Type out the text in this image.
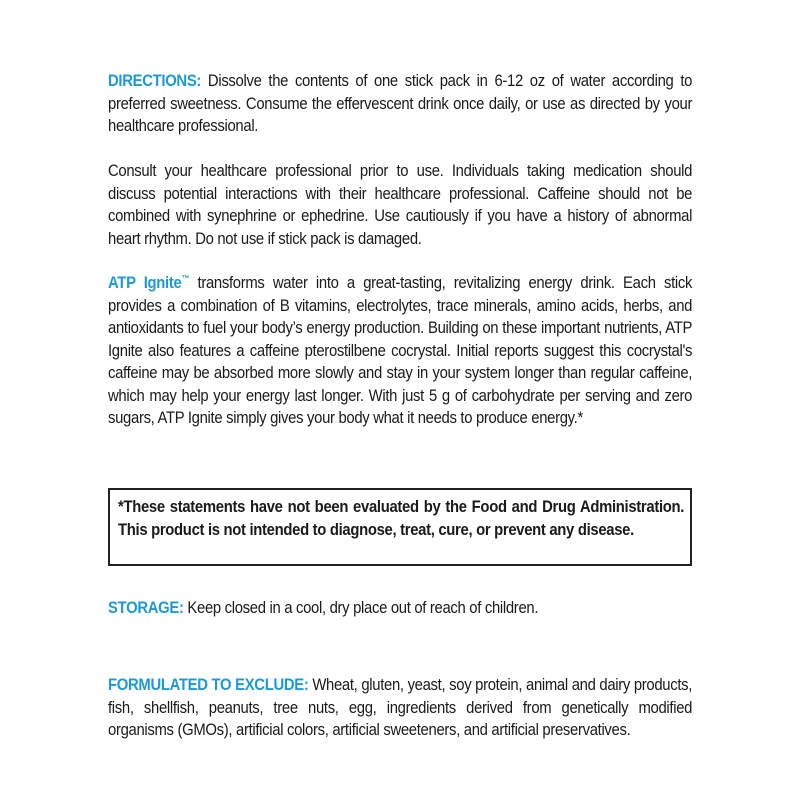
DIRECTIONS: Dissolve the contents of one stick pack in 6-12 oz of water according to preferred sweetness. Consume the effervescent drink once daily, or use as directed by your healthcare professional.

Consult your healthcare professional prior to use. Individuals taking medication should discuss potential interactions with their healthcare professional. Caffeine should not be combined with synephrine or ephedrine. Use cautiously if you have a history of abnormal heart rhythm. Do not use if stick pack is damaged.

ATP Ignite™ transforms water into a great-tasting, revitalizing energy drink. Each stick provides a combination of B vitamins, electrolytes, trace minerals, amino acids, herbs, and antioxidants to fuel your body’s energy production. Building on these important nutrients, ATP Ignite also features a caffeine pterostilbene cocrystal. Initial reports suggest this cocrystal's caffeine may be absorbed more slowly and stay in your system longer than regular caffeine, which may help your energy last longer. With just 5 g of carbohydrate per serving and zero sugars, ATP Ignite simply gives your body what it needs to produce energy.*

*These statements have not been evaluated by the Food and Drug Administration. This product is not intended to diagnose, treat, cure, or prevent any disease.

STORAGE: Keep closed in a cool, dry place out of reach of children.

FORMULATED TO EXCLUDE: Wheat, gluten, yeast, soy protein, animal and dairy products, fish, shellfish, peanuts, tree nuts, egg, ingredients derived from genetically modified organisms (GMOs), artificial colors, artificial sweeteners, and artificial preservatives.
